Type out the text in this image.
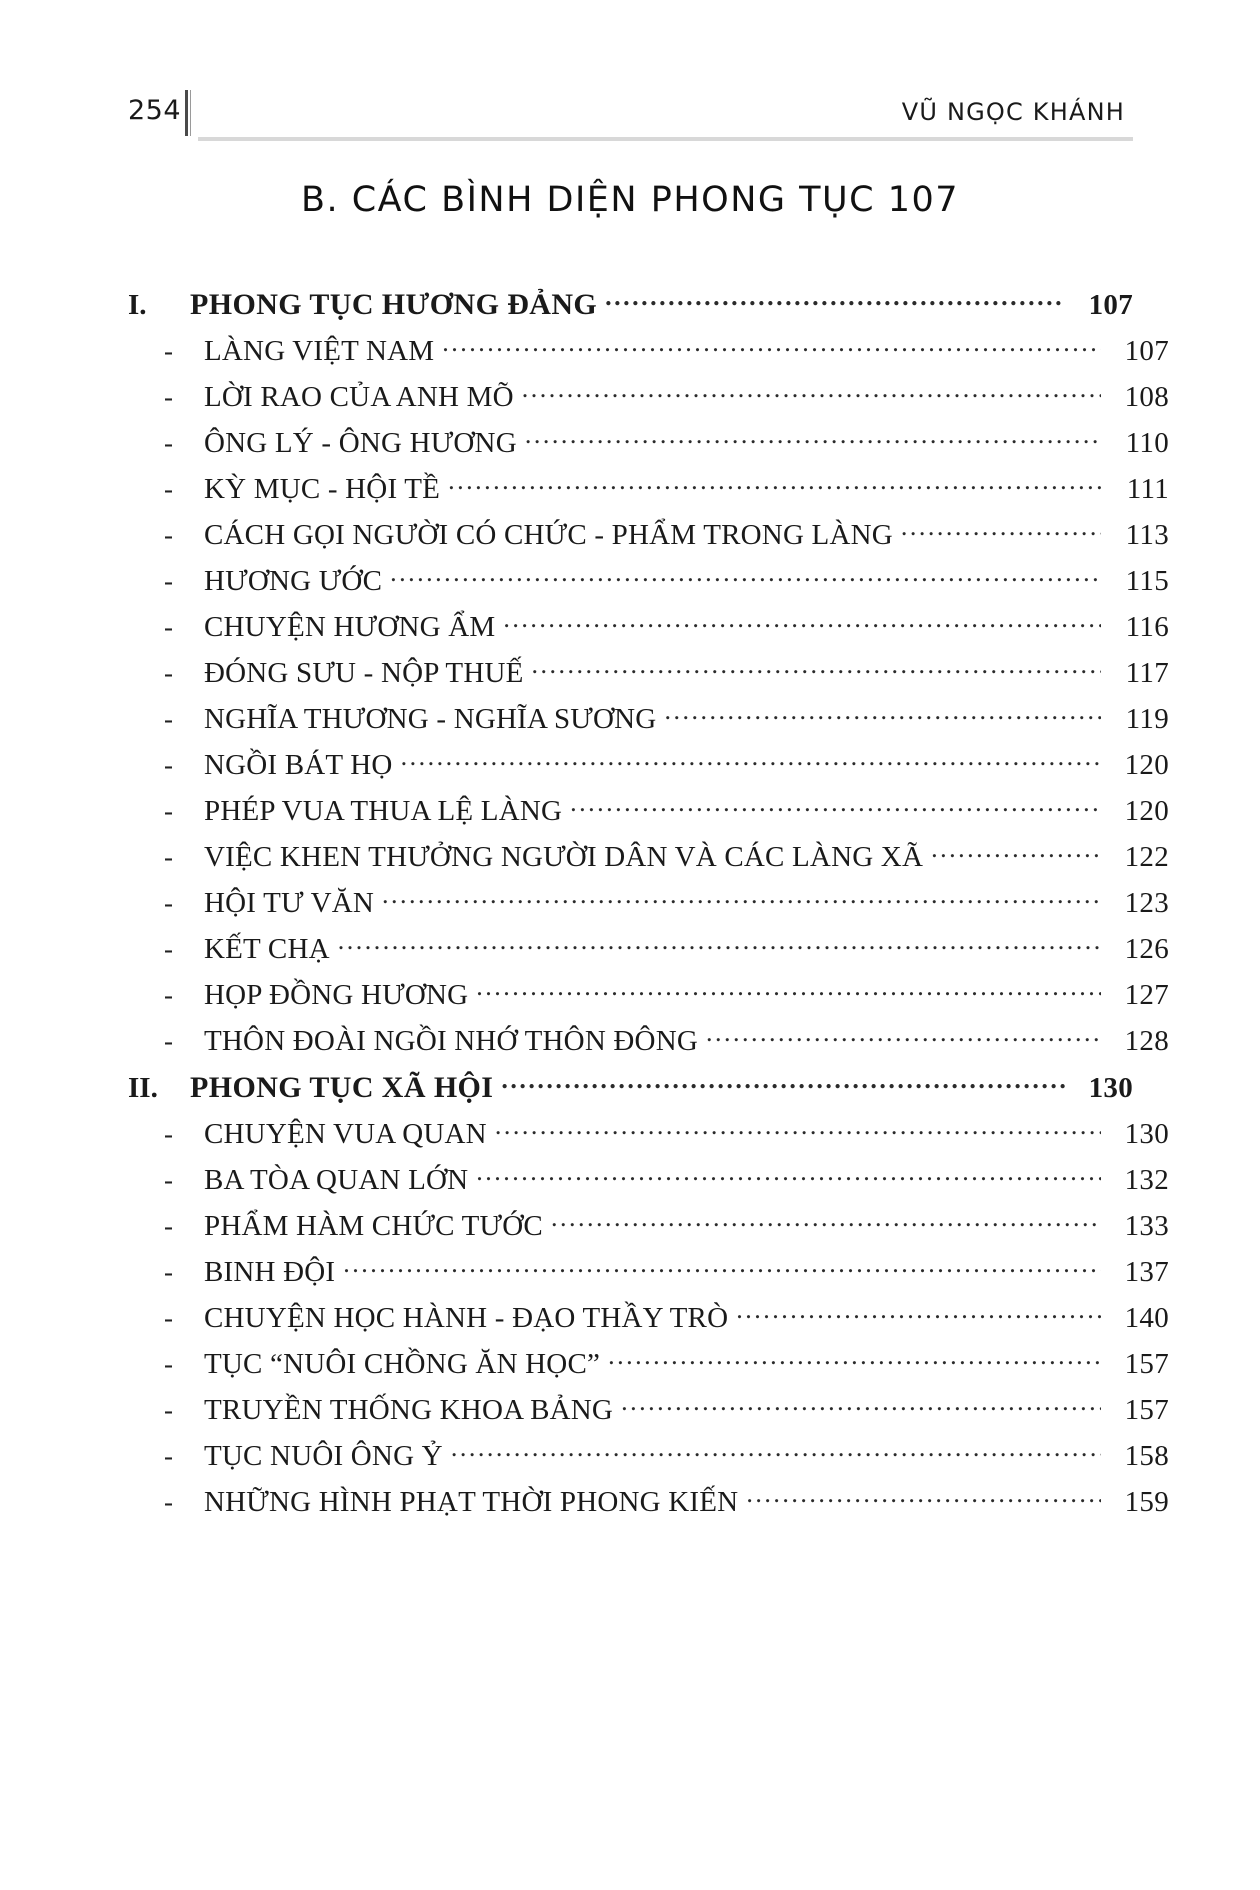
254	VŨ NGỌC KHÁNH
B. CÁC BÌNH DIỆN PHONG TỤC 107
I.	PHONG TỤC HƯƠNG ĐẢNG .....	107
-	LÀNG VIỆT NAM .....	107
-	LỜI RAO CỦA ANH MÕ .....	108
-	ÔNG LÝ - ÔNG HƯƠNG .....	110
-	KỲ MỤC - HỘI TỀ .....	111
-	CÁCH GỌI NGƯỜI CÓ CHỨC - PHẨM TRONG LÀNG .....	113
-	HƯƠNG ƯỚC .....	115
-	CHUYỆN HƯƠNG ẨM .....	116
-	ĐÓNG SƯU - NỘP THUẾ .....	117
-	NGHĨA THƯƠNG - NGHĨA SƯƠNG .....	119
-	NGỒI BÁT HỌ .....	120
-	PHÉP VUA THUA LỆ LÀNG .....	120
-	VIỆC KHEN THƯỞNG NGƯỜI DÂN VÀ CÁC LÀNG XÃ .....	122
-	HỘI TƯ VĂN .....	123
-	KẾT CHẠ .....	126
-	HỌP ĐỒNG HƯƠNG .....	127
-	THÔN ĐOÀI NGỒI NHỚ THÔN ĐÔNG .....	128
II.	PHONG TỤC XÃ HỘI .....	130
-	CHUYỆN VUA QUAN .....	130
-	BA TÒA QUAN LỚN .....	132
-	PHẨM HÀM CHỨC TƯỚC .....	133
-	BINH ĐỘI .....	137
-	CHUYỆN HỌC HÀNH - ĐẠO THẦY TRÒ .....	140
-	TỤC “NUÔI CHỒNG ĂN HỌC” .....	157
-	TRUYỀN THỐNG KHOA BẢNG .....	157
-	TỤC NUÔI ÔNG Ỷ .....	158
-	NHỮNG HÌNH PHẠT THỜI PHONG KIẾN .....	159
